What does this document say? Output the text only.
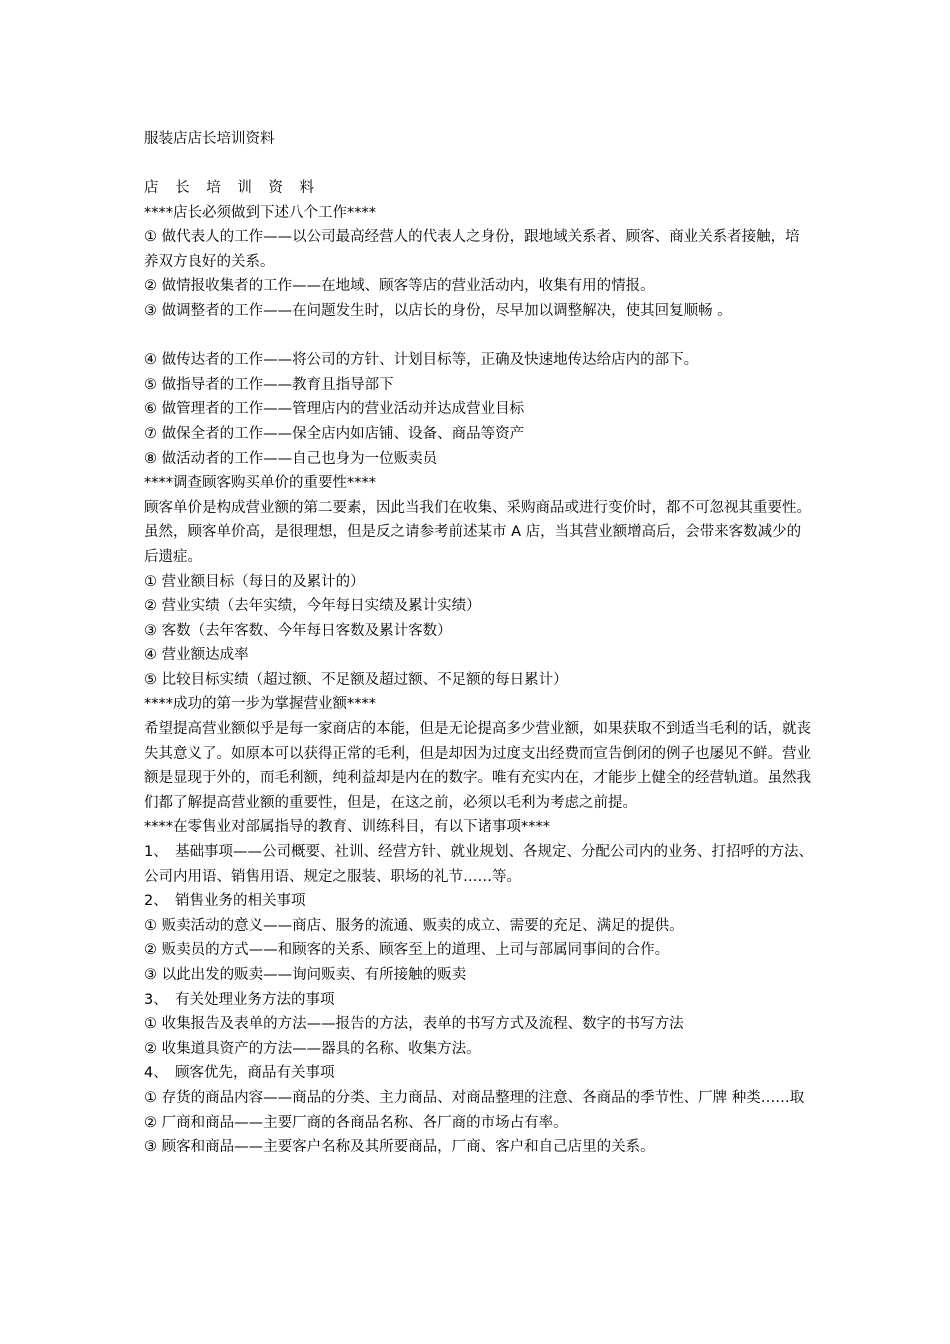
服装店店长培训资料

店 长 培 训 资 料

****店长必须做到下述八个工作****

① 做代表人的工作——以公司最高经营人的代表人之身份，跟地域关系者、顾客、商业关系者接触，培养双方良好的关系。

② 做情报收集者的工作——在地域、顾客等店的营业活动内，收集有用的情报。

③ 做调整者的工作——在问题发生时，以店长的身份，尽早加以调整解决，使其回复顺畅 。

④ 做传达者的工作——将公司的方针、计划目标等，正确及快速地传达给店内的部下。

⑤ 做指导者的工作——教育且指导部下

⑥ 做管理者的工作——管理店内的营业活动并达成营业目标

⑦ 做保全者的工作——保全店内如店铺、设备、商品等资产

⑧ 做活动者的工作——自己也身为一位贩卖员

****调查顾客购买单价的重要性****

顾客单价是构成营业额的第二要素，因此当我们在收集、采购商品或进行变价时，都不可忽视其重要性。虽然，顾客单价高，是很理想，但是反之请参考前述某市 A 店，当其营业额增高后，会带来客数减少的后遗症。

① 营业额目标（每日的及累计的）

② 营业实绩（去年实绩，今年每日实绩及累计实绩）

③ 客数（去年客数、今年每日客数及累计客数）

④ 营业额达成率

⑤ 比较目标实绩（超过额、不足额及超过额、不足额的每日累计）

****成功的第一步为掌握营业额****

希望提高营业额似乎是每一家商店的本能，但是无论提高多少营业额，如果获取不到适当毛利的话，就丧失其意义了。如原本可以获得正常的毛利，但是却因为过度支出经费而宣告倒闭的例子也屡见不鲜。营业额是显现于外的，而毛利额，纯利益却是内在的数字。唯有充实内在，才能步上健全的经营轨道。虽然我们都了解提高营业额的重要性，但是，在这之前，必须以毛利为考虑之前提。

****在零售业对部属指导的教育、训练科目，有以下诸事项****

1、　基础事项——公司概要、社训、经营方针、就业规划、各规定、分配公司内的业务、打招呼的方法、公司内用语、销售用语、规定之服装、职场的礼节……等。

2、　销售业务的相关事项

① 贩卖活动的意义——商店、服务的流通、贩卖的成立、需要的充足、满足的提供。

② 贩卖员的方式——和顾客的关系、顾客至上的道理、上司与部属同事间的合作。

③ 以此出发的贩卖——询问贩卖、有所接触的贩卖

3、　有关处理业务方法的事项

① 收集报告及表单的方法——报告的方法，表单的书写方式及流程、数字的书写方法

② 收集道具资产的方法——器具的名称、收集方法。

4、　顾客优先，商品有关事项

① 存货的商品内容——商品的分类、主力商品、对商品整理的注意、各商品的季节性、厂牌 种类……取

② 厂商和商品——主要厂商的各商品名称、各厂商的市场占有率。

③ 顾客和商品——主要客户名称及其所要商品，厂商、客户和自己店里的关系。
